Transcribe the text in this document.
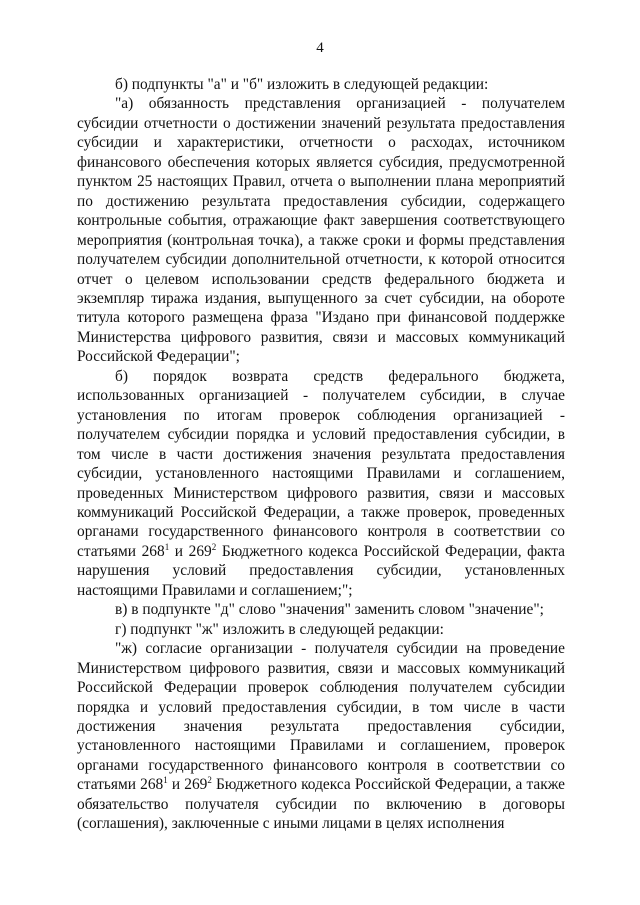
4

б) подпункты "а" и "б" изложить в следующей редакции:

"а) обязанность представления организацией - получателем субсидии отчетности о достижении значений результата предоставления субсидии и характеристики, отчетности о расходах, источником финансового обеспечения которых является субсидия, предусмотренной пунктом 25 настоящих Правил, отчета о выполнении плана мероприятий по достижению результата предоставления субсидии, содержащего контрольные события, отражающие факт завершения соответствующего мероприятия (контрольная точка), а также сроки и формы представления получателем субсидии дополнительной отчетности, к которой относится отчет о целевом использовании средств федерального бюджета и экземпляр тиража издания, выпущенного за счет субсидии, на обороте титула которого размещена фраза "Издано при финансовой поддержке Министерства цифрового развития, связи и массовых коммуникаций Российской Федерации";

б) порядок возврата средств федерального бюджета, использованных организацией - получателем субсидии, в случае установления по итогам проверок соблюдения организацией - получателем субсидии порядка и условий предоставления субсидии, в том числе в части достижения значения результата предоставления субсидии, установленного настоящими Правилами и соглашением, проведенных Министерством цифрового развития, связи и массовых коммуникаций Российской Федерации, а также проверок, проведенных органами государственного финансового контроля в соответствии со статьями $268^1$ и $269^2$ Бюджетного кодекса Российской Федерации, факта нарушения условий предоставления субсидии, установленных настоящими Правилами и соглашением;";

в) в подпункте "д" слово "значения" заменить словом "значение";

г) подпункт "ж" изложить в следующей редакции:

"ж) согласие организации - получателя субсидии на проведение Министерством цифрового развития, связи и массовых коммуникаций Российской Федерации проверок соблюдения получателем субсидии порядка и условий предоставления субсидии, в том числе в части достижения значения результата предоставления субсидии, установленного настоящими Правилами и соглашением, проверок органами государственного финансового контроля в соответствии со статьями $268^1$ и $269^2$ Бюджетного кодекса Российской Федерации, а также обязательство получателя субсидии по включению в договоры (соглашения), заключенные с иными лицами в целях исполнения
